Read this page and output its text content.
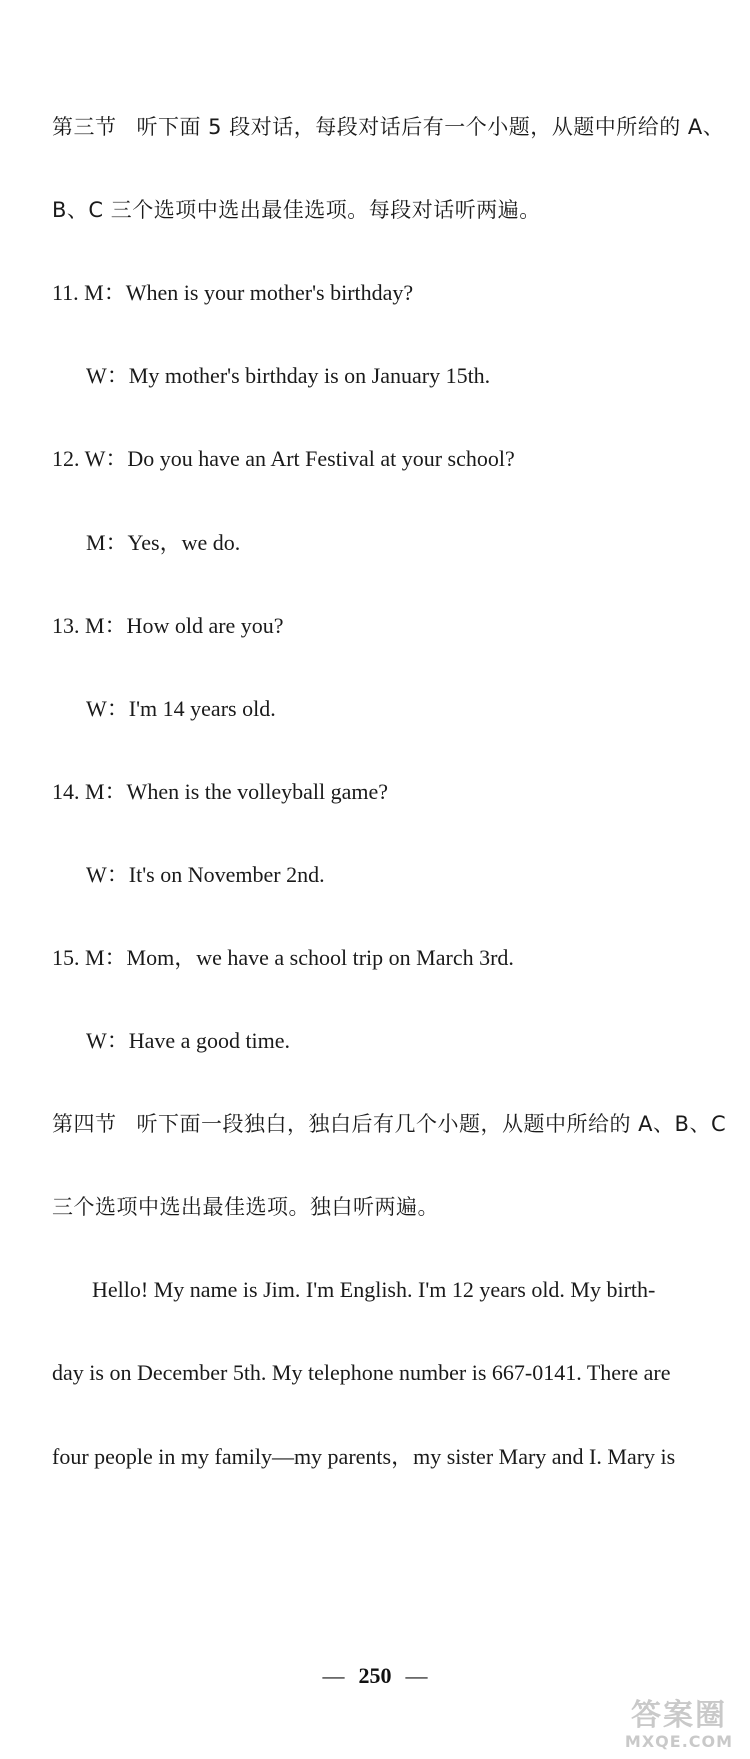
第三节 听下面 5 段对话，每段对话后有一个小题，从题中所给的 A、
B、C 三个选项中选出最佳选项。每段对话听两遍。
11. M：When is your mother's birthday?
W：My mother's birthday is on January 15th.
12. W：Do you have an Art Festival at your school?
M：Yes，we do.
13. M：How old are you?
W：I'm 14 years old.
14. M：When is the volleyball game?
W：It's on November 2nd.
15. M：Mom，we have a school trip on March 3rd.
W：Have a good time.
第四节 听下面一段独白，独白后有几个小题，从题中所给的 A、B、C
三个选项中选出最佳选项。独白听两遍。
Hello! My name is Jim. I'm English. I'm 12 years old. My birth-
day is on December 5th. My telephone number is 667-0141. There are
four people in my family—my parents，my sister Mary and I. Mary is
— 250 —
答案圈
MXQE.COM
